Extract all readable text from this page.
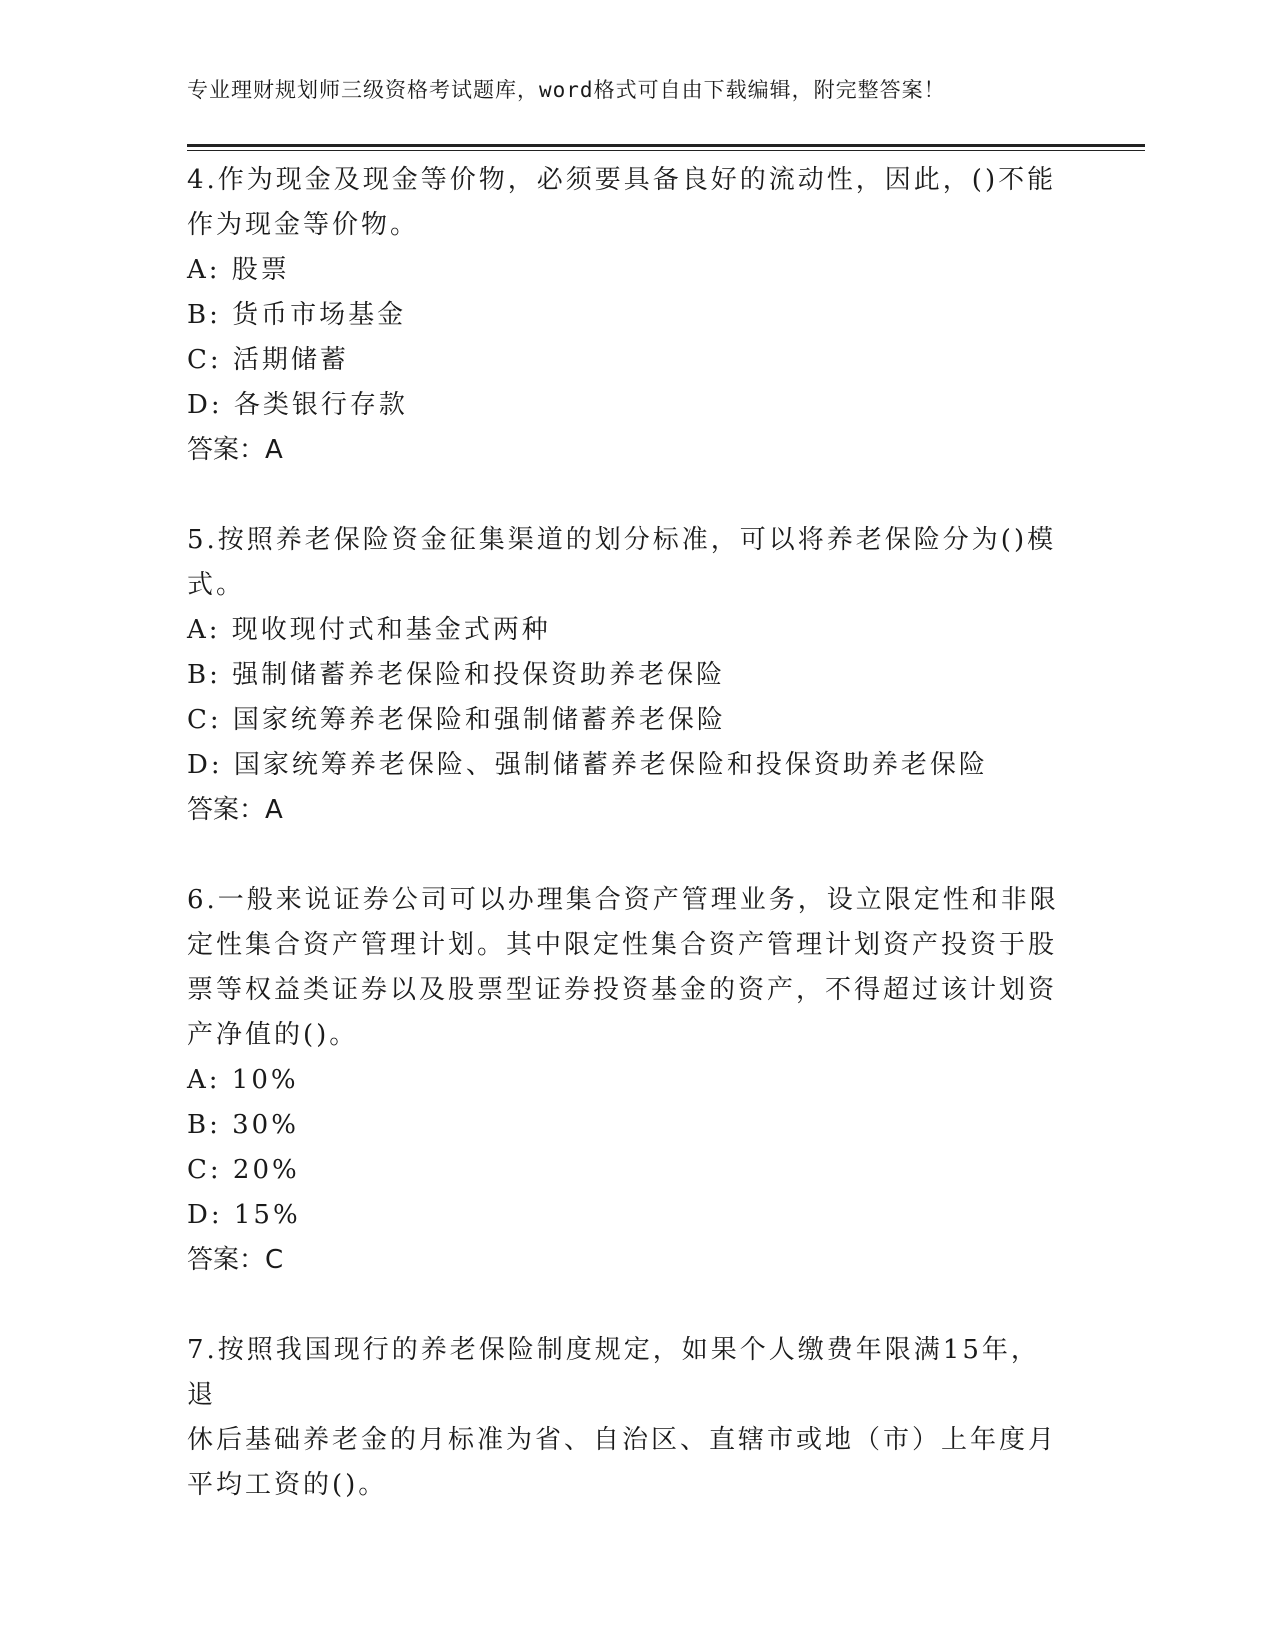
专业理财规划师三级资格考试题库，word格式可自由下载编辑，附完整答案！
4.作为现金及现金等价物，必须要具备良好的流动性，因此，()不能
作为现金等价物。
A: 股票
B: 货币市场基金
C: 活期储蓄
D: 各类银行存款
答案：A
5.按照养老保险资金征集渠道的划分标准，可以将养老保险分为()模
式。
A: 现收现付式和基金式两种
B: 强制储蓄养老保险和投保资助养老保险
C: 国家统筹养老保险和强制储蓄养老保险
D: 国家统筹养老保险、强制储蓄养老保险和投保资助养老保险
答案：A
6.一般来说证券公司可以办理集合资产管理业务，设立限定性和非限
定性集合资产管理计划。其中限定性集合资产管理计划资产投资于股
票等权益类证券以及股票型证券投资基金的资产，不得超过该计划资
产净值的()。
A: 10%
B: 30%
C: 20%
D: 15%
答案：C
7.按照我国现行的养老保险制度规定，如果个人缴费年限满15年，退
休后基础养老金的月标准为省、自治区、直辖市或地（市）上年度月
平均工资的()。
